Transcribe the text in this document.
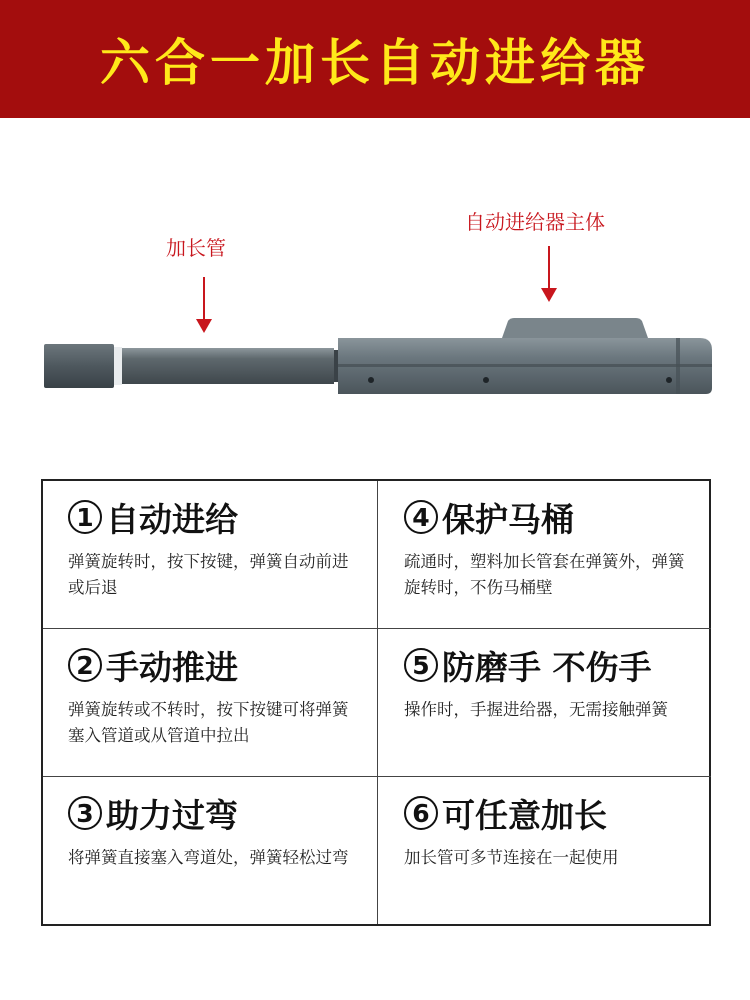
六合一加长自动进给器
加长管
自动进给器主体
1 自动进给
弹簧旋转时，按下按键，弹簧自动前进或后退
4 保护马桶
疏通时，塑料加长管套在弹簧外，弹簧旋转时，不伤马桶壁
2 手动推进
弹簧旋转或不转时，按下按键可将弹簧塞入管道或从管道中拉出
5 防磨手 不伤手
操作时，手握进给器，无需接触弹簧
3 助力过弯
将弹簧直接塞入弯道处，弹簧轻松过弯
6 可任意加长
加长管可多节连接在一起使用
